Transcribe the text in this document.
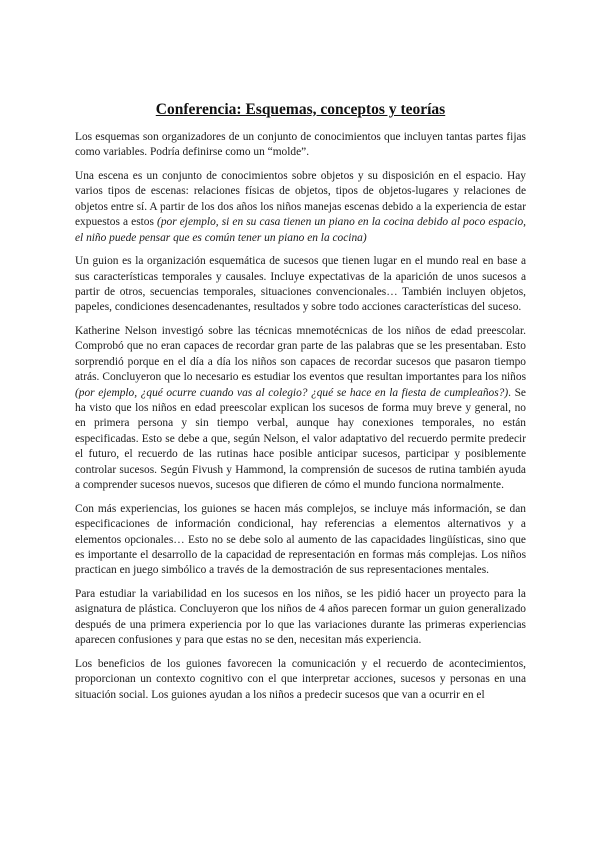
Conferencia: Esquemas, conceptos y teorías

Los esquemas son organizadores de un conjunto de conocimientos que incluyen tantas partes fijas como variables. Podría definirse como un “molde”.

Una escena es un conjunto de conocimientos sobre objetos y su disposición en el espacio. Hay varios tipos de escenas: relaciones físicas de objetos, tipos de objetos-lugares y relaciones de objetos entre sí. A partir de los dos años los niños manejas escenas debido a la experiencia de estar expuestos a estos (por ejemplo, si en su casa tienen un piano en la cocina debido al poco espacio, el niño puede pensar que es común tener un piano en la cocina)

Un guion es la organización esquemática de sucesos que tienen lugar en el mundo real en base a sus características temporales y causales. Incluye expectativas de la aparición de unos sucesos a partir de otros, secuencias temporales, situaciones convencionales… También incluyen objetos, papeles, condiciones desencadenantes, resultados y sobre todo acciones características del suceso.

Katherine Nelson investigó sobre las técnicas mnemotécnicas de los niños de edad preescolar. Comprobó que no eran capaces de recordar gran parte de las palabras que se les presentaban. Esto sorprendió porque en el día a día los niños son capaces de recordar sucesos que pasaron tiempo atrás. Concluyeron que lo necesario es estudiar los eventos que resultan importantes para los niños (por ejemplo, ¿qué ocurre cuando vas al colegio? ¿qué se hace en la fiesta de cumpleaños?). Se ha visto que los niños en edad preescolar explican los sucesos de forma muy breve y general, no en primera persona y sin tiempo verbal, aunque hay conexiones temporales, no están especificadas. Esto se debe a que, según Nelson, el valor adaptativo del recuerdo permite predecir el futuro, el recuerdo de las rutinas hace posible anticipar sucesos, participar y posiblemente controlar sucesos. Según Fivush y Hammond, la comprensión de sucesos de rutina también ayuda a comprender sucesos nuevos, sucesos que difieren de cómo el mundo funciona normalmente.

Con más experiencias, los guiones se hacen más complejos, se incluye más información, se dan especificaciones de información condicional, hay referencias a elementos alternativos y a elementos opcionales… Esto no se debe solo al aumento de las capacidades lingüísticas, sino que es importante el desarrollo de la capacidad de representación en formas más complejas. Los niños practican en juego simbólico a través de la demostración de sus representaciones mentales.

Para estudiar la variabilidad en los sucesos en los niños, se les pidió hacer un proyecto para la asignatura de plástica. Concluyeron que los niños de 4 años parecen formar un guion generalizado después de una primera experiencia por lo que las variaciones durante las primeras experiencias aparecen confusiones y para que estas no se den, necesitan más experiencia.

Los beneficios de los guiones favorecen la comunicación y el recuerdo de acontecimientos, proporcionan un contexto cognitivo con el que interpretar acciones, sucesos y personas en una situación social. Los guiones ayudan a los niños a predecir sucesos que van a ocurrir en el
